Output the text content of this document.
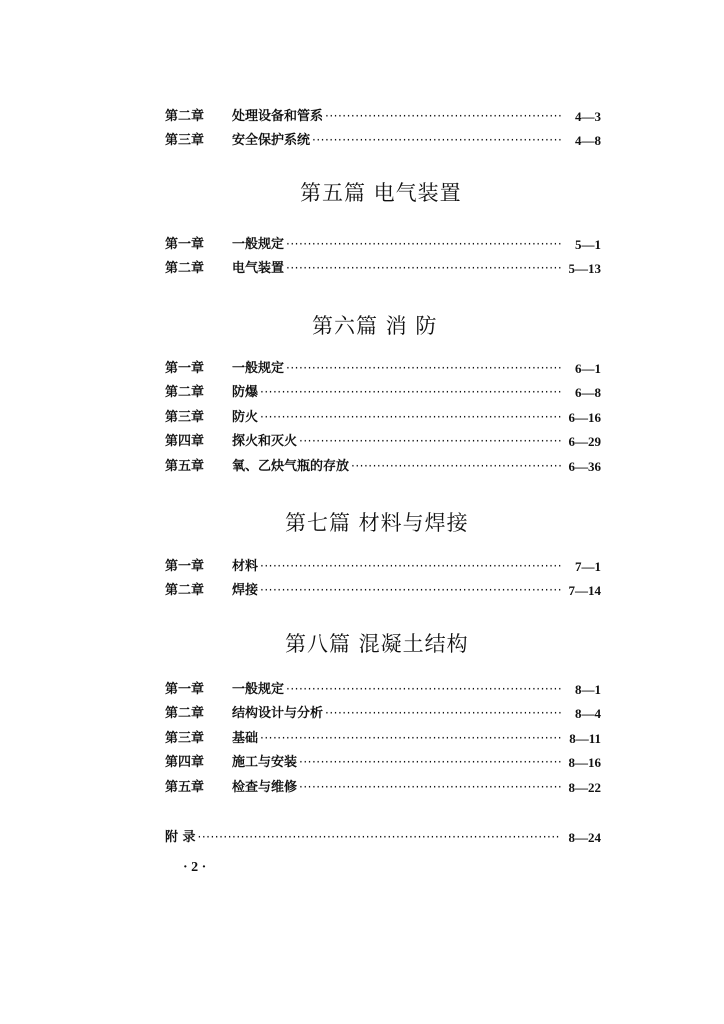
第二章	处理设备和管系 ·····	4—3
第三章	安全保护系统 ·····	4—8
第五篇 电气装置
第一章	一般规定 ·····	5—1
第二章	电气装置 ·····	5—13
第六篇 消 防
第一章	一般规定 ·····	6—1
第二章	防爆 ·····	6—8
第三章	防火 ·····	6—16
第四章	探火和灭火 ·····	6—29
第五章	氧、乙炔气瓶的存放 ·····	6—36
第七篇 材料与焊接
第一章	材料 ·····	7—1
第二章	焊接 ·····	7—14
第八篇 混凝土结构
第一章	一般规定 ·····	8—1
第二章	结构设计与分析 ·····	8—4
第三章	基础 ·····	8—11
第四章	施工与安装 ·····	8—16
第五章	检查与维修 ·····	8—22
附 录 ·····	8—24
· 2 ·
